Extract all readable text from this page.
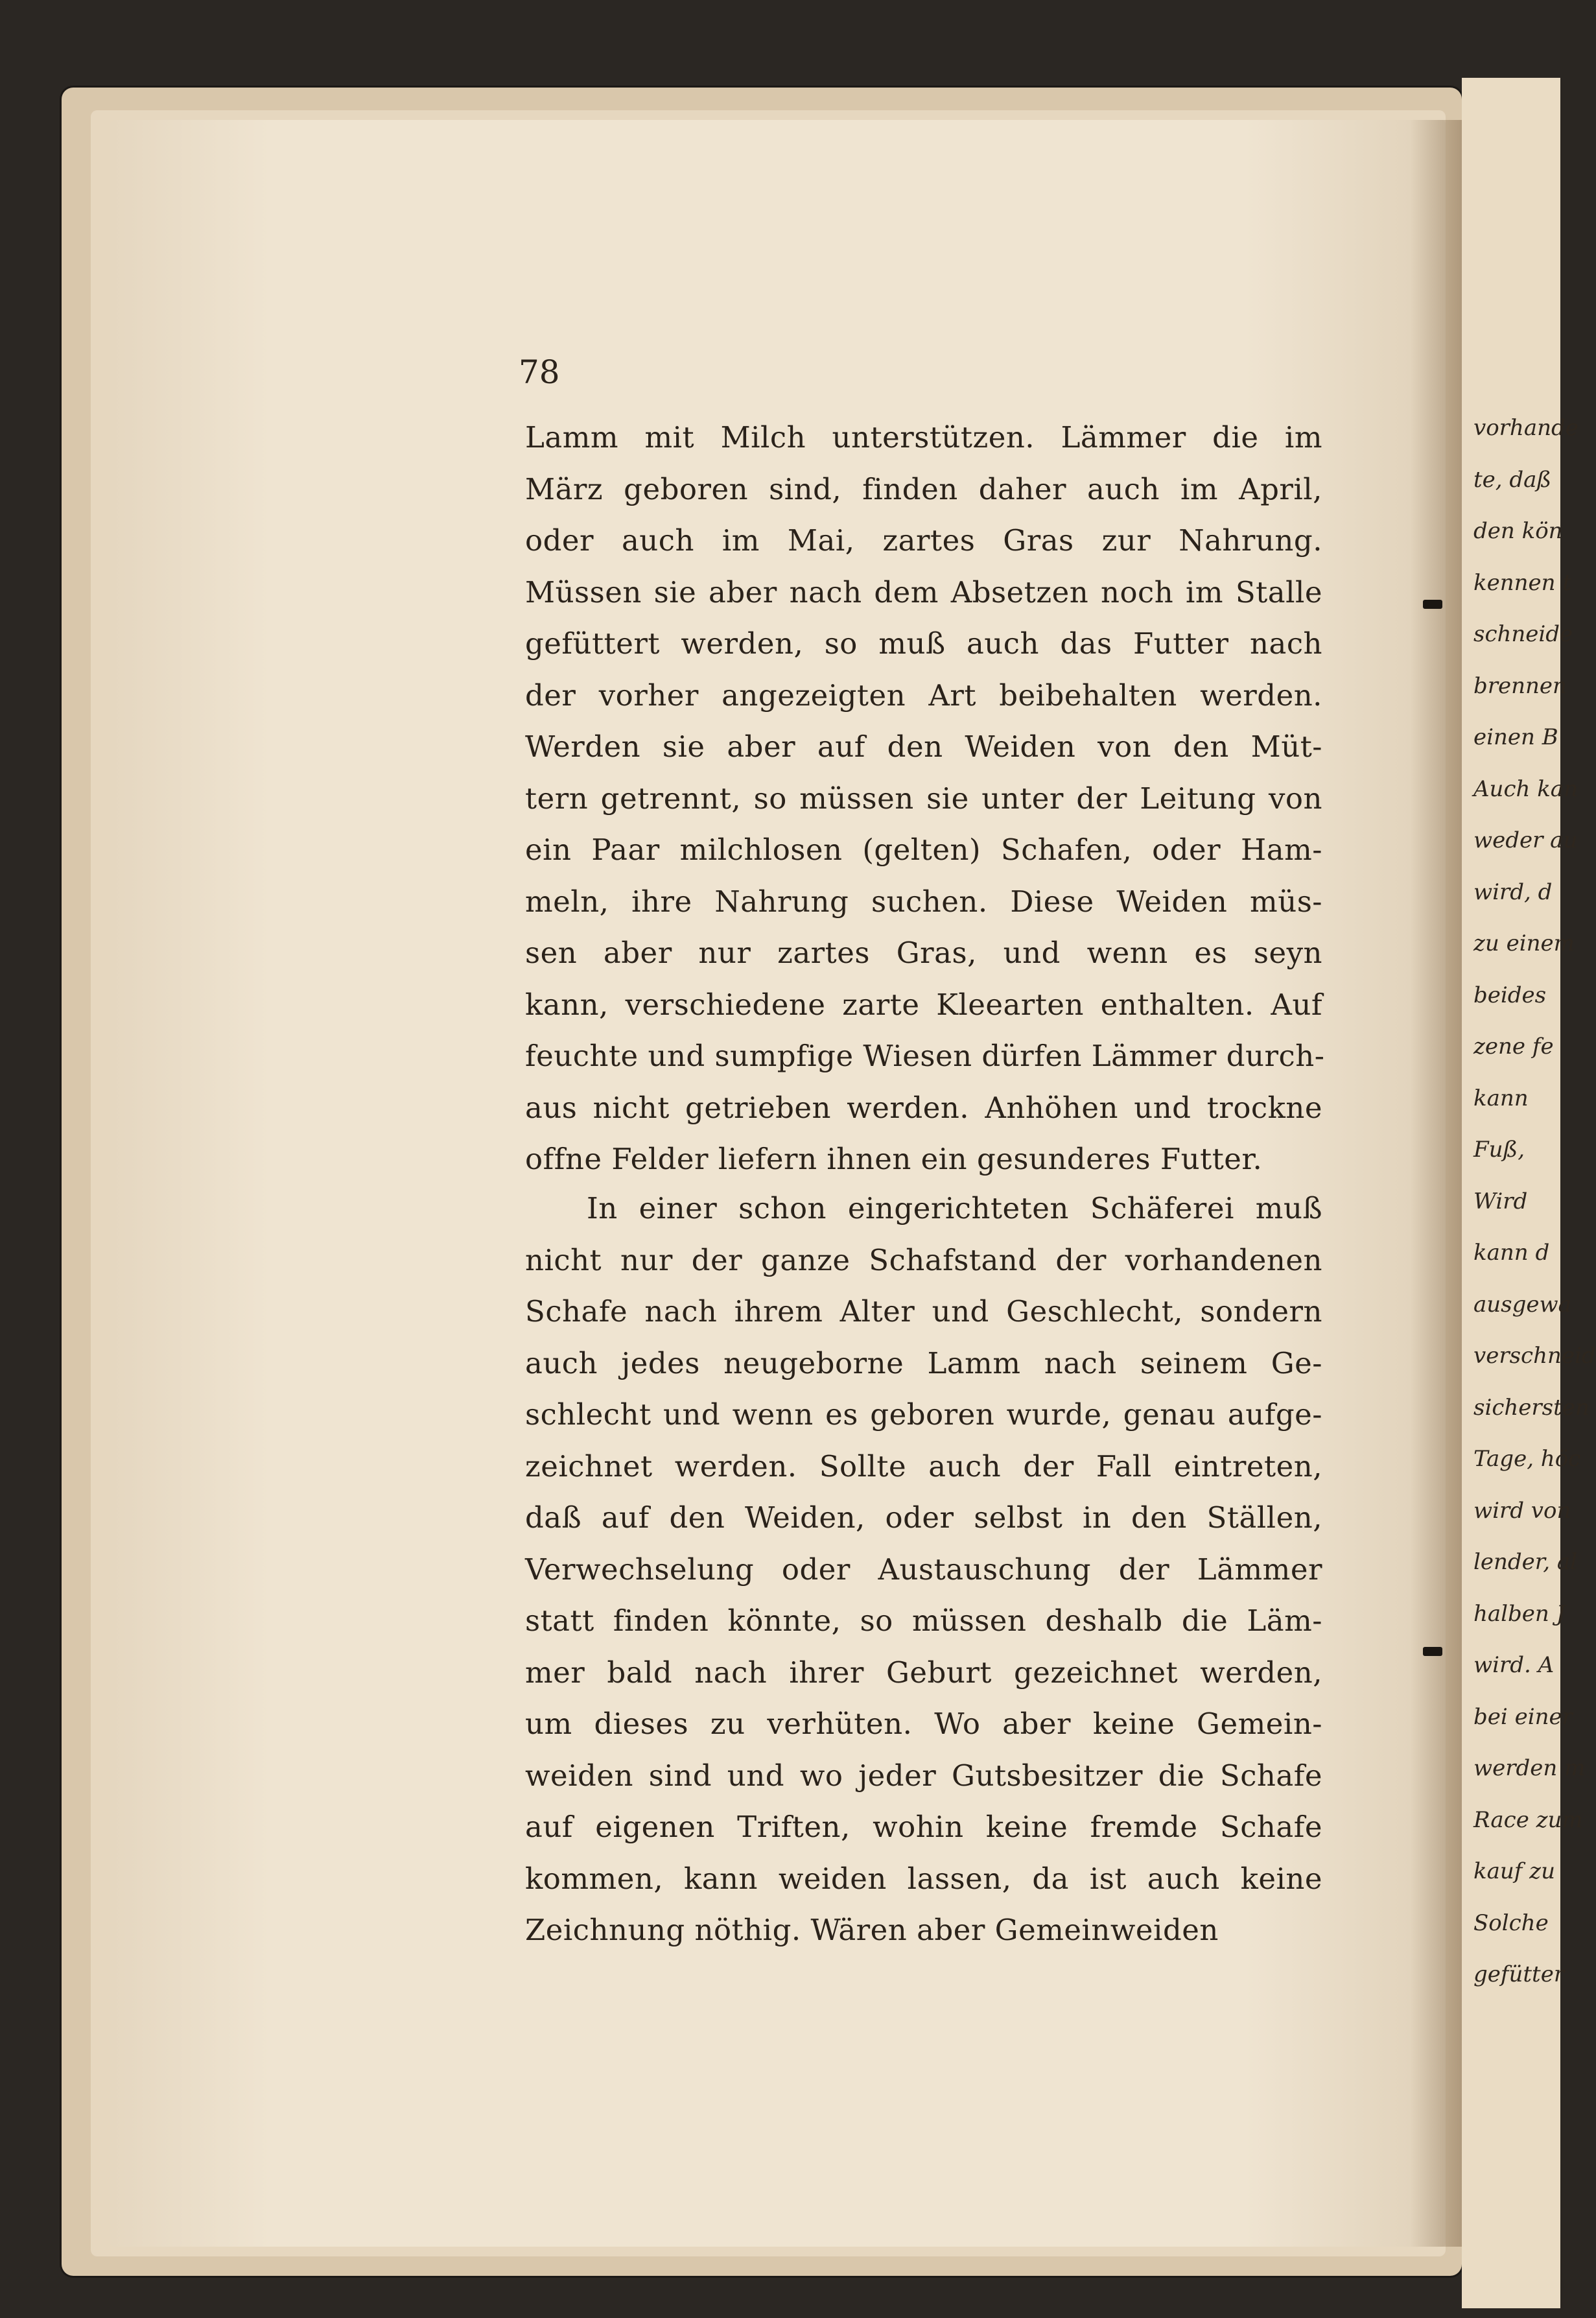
78
Lamm mit Milch unterstützen. Lämmer die im
März geboren sind, finden daher auch im April,
oder auch im Mai, zartes Gras zur Nahrung.
Müssen sie aber nach dem Absetzen noch im Stalle
gefüttert werden, so muß auch das Futter nach
der vorher angezeigten Art beibehalten werden.
Werden sie aber auf den Weiden von den Müt-
tern getrennt, so müssen sie unter der Leitung von
ein Paar milchlosen (gelten) Schafen, oder Ham-
meln, ihre Nahrung suchen. Diese Weiden müs-
sen aber nur zartes Gras, und wenn es seyn
kann, verschiedene zarte Kleearten enthalten. Auf
feuchte und sumpfige Wiesen dürfen Lämmer durch-
aus nicht getrieben werden. Anhöhen und trockne
offne Felder liefern ihnen ein gesunderes Futter.
In einer schon eingerichteten Schäferei muß
nicht nur der ganze Schafstand der vorhandenen
Schafe nach ihrem Alter und Geschlecht, sondern
auch jedes neugeborne Lamm nach seinem Ge-
schlecht und wenn es geboren wurde, genau aufge-
zeichnet werden. Sollte auch der Fall eintreten,
daß auf den Weiden, oder selbst in den Ställen,
Verwechselung oder Austauschung der Lämmer
statt finden könnte, so müssen deshalb die Läm-
mer bald nach ihrer Geburt gezeichnet werden,
um dieses zu verhüten. Wo aber keine Gemein-
weiden sind und wo jeder Gutsbesitzer die Schafe
auf eigenen Triften, wohin keine fremde Schafe
kommen, kann weiden lassen, da ist auch keine
Zeichnung nöthig. Wären aber Gemeinweiden
vorhande
te, daß
den kön
kennen t
schneide
brennen
einen B
Auch kan
weder au
wird, d
zu einem
beides
zene fe
kann
Fuß,
Wird
kann d
ausgewa
verschneid
sichersten
Tage, höc
wird von
lender, al
halben J
wird. A
bei einer
werden m
Race zum
kauf zu
Solche
gefütter
